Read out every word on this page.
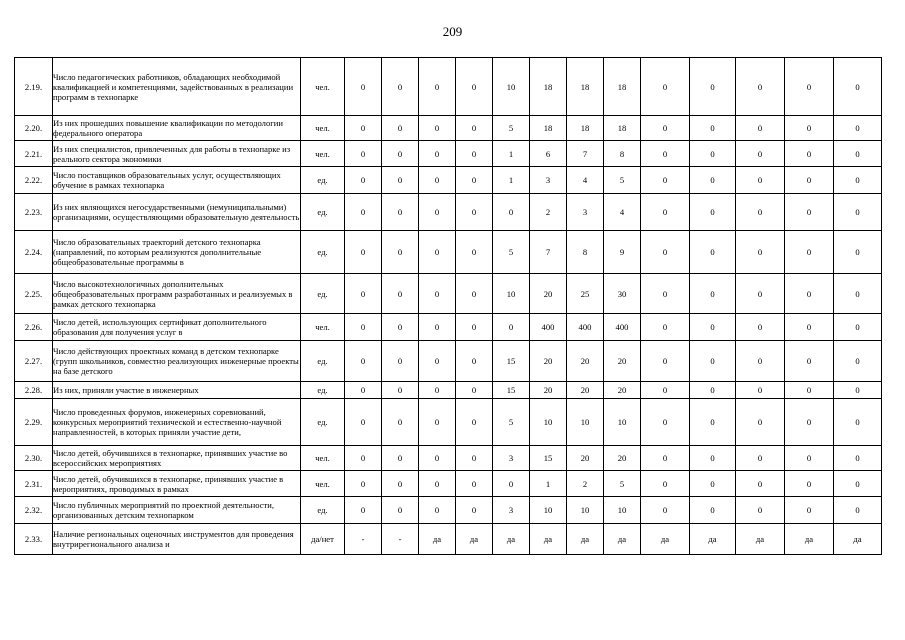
209
2.19.	Число педагогических работников, обладающих необходимой квалификацией и компетенциями, задействованных в реализации программ в технопарке	чел.	0	0	0	0	10	18	18	18	0	0	0	0	0
2.20.	Из них прошедших повышение квалификации по методологии федерального оператора	чел.	0	0	0	0	5	18	18	18	0	0	0	0	0
2.21.	Из них специалистов, привлеченных для работы в технопарке из реального сектора экономики	чел.	0	0	0	0	1	6	7	8	0	0	0	0	0
2.22.	Число поставщиков образовательных услуг, осуществляющих обучение в рамках технопарка	ед.	0	0	0	0	1	3	4	5	0	0	0	0	0
2.23.	Из них являющихся негосударственными (немуниципальными) организациями, осуществляющими образовательную деятельность	ед.	0	0	0	0	0	2	3	4	0	0	0	0	0
2.24.	Число образовательных траекторий детского технопарка (направлений, по которым реализуются дополнительные общеобразовательные программы в	ед.	0	0	0	0	5	7	8	9	0	0	0	0	0
2.25.	Число высокотехнологичных дополнительных общеобразовательных программ разработанных и реализуемых в рамках детского технопарка	ед.	0	0	0	0	10	20	25	30	0	0	0	0	0
2.26.	Число детей, использующих сертификат дополнительного образования для получения услуг в	чел.	0	0	0	0	0	400	400	400	0	0	0	0	0
2.27.	Число действующих проектных команд в детском технопарке (групп школьников, совместно реализующих инженерные проекты на базе детского	ед.	0	0	0	0	15	20	20	20	0	0	0	0	0
2.28.	Из них, приняли участие в инженерных	ед.	0	0	0	0	15	20	20	20	0	0	0	0	0
2.29.	Число проведенных форумов, инженерных соревнований, конкурсных мероприятий технической и естественно-научной направленностей, в которых приняли участие дети,	ед.	0	0	0	0	5	10	10	10	0	0	0	0	0
2.30.	Число детей, обучившихся в технопарке, принявших участие во всероссийских мероприятиях	чел.	0	0	0	0	3	15	20	20	0	0	0	0	0
2.31.	Число детей, обучившихся в технопарке, принявших участие в мероприятиях, проводимых в рамках	чел.	0	0	0	0	0	1	2	5	0	0	0	0	0
2.32.	Число публичных мероприятий по проектной деятельности, организованных детским технопарком	ед.	0	0	0	0	3	10	10	10	0	0	0	0	0
2.33.	Наличие региональных оценочных инструментов для проведения внутрирегионального анализа и	да/нет	-	-	да	да	да	да	да	да	да	да	да	да	да
